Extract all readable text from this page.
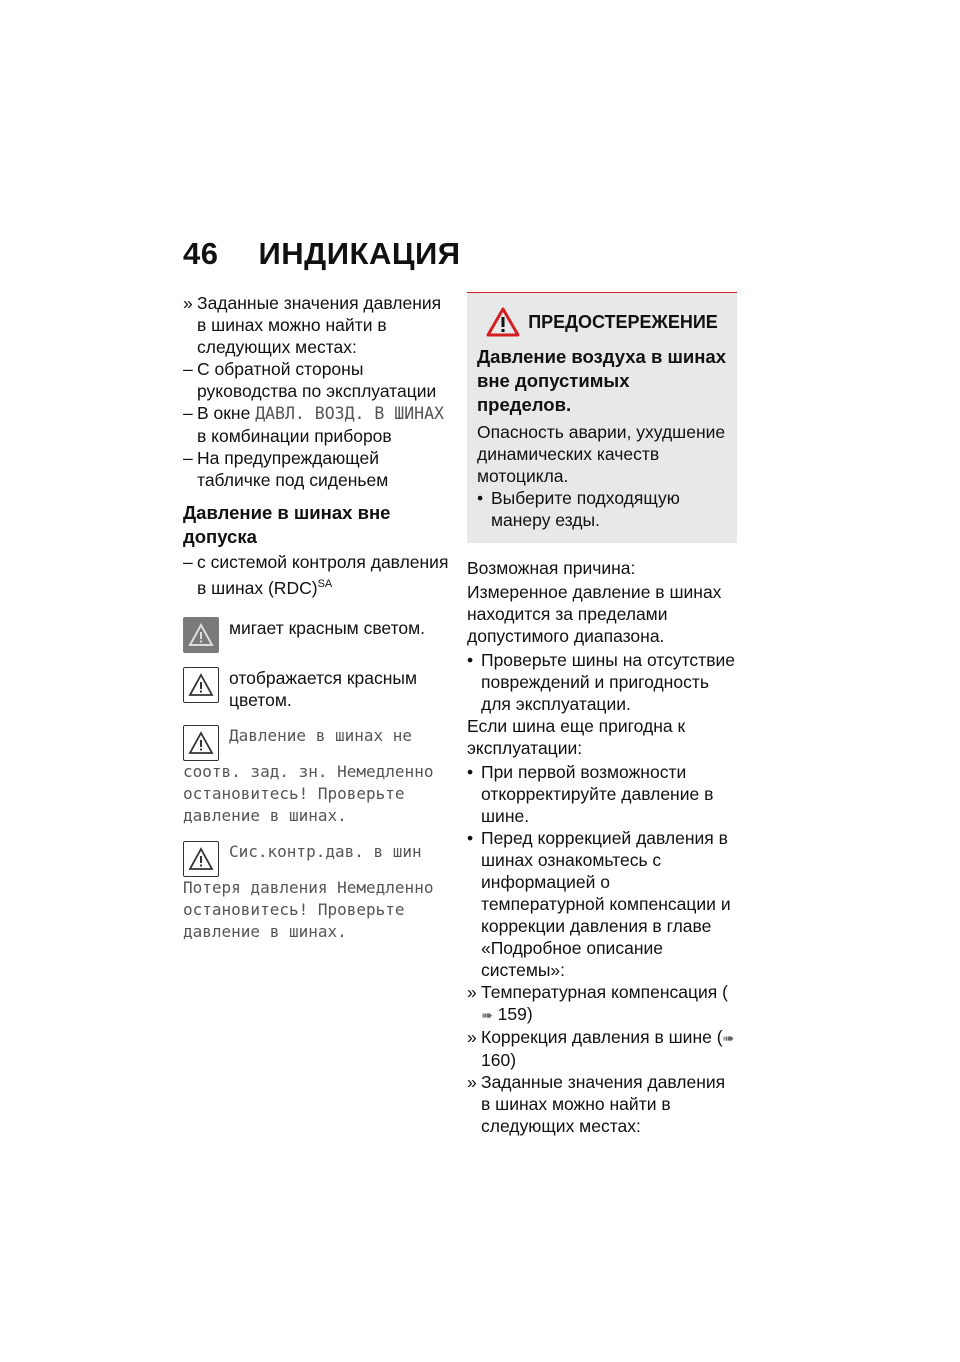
46 ИНДИКАЦИЯ
» Заданные значения давления в шинах можно найти в следующих местах:
– С обратной стороны руководства по эксплуатации
– В окне ДАВЛ. ВОЗД. В ШИНАХ в комбинации приборов
– На предупреждающей табличке под сиденьем
Давление в шинах вне допуска
– с системой контроля давления в шинах (RDC)$^{SA}$
мигает красным светом.
отображается красным цветом.
Давление в шинах не
соотв. зад. зн. Немедленно остановитесь! Проверьте давление в шинах.
Сис.контр.дав. в шин
Потеря давления Немедленно остановитесь! Проверьте давление в шинах.
ПРЕДОСТЕРЕЖЕНИЕ
Давление воздуха в шинах вне допустимых пределов.
Опасность аварии, ухудшение динамических качеств мотоцикла.
• Выберите подходящую манеру езды.
Возможная причина:
Измеренное давление в шинах находится за пределами допустимого диапазона.
• Проверьте шины на отсутствие повреждений и пригодность для эксплуатации.
Если шина еще пригодна к эксплуатации:
• При первой возможности откорректируйте давление в шине.
• Перед коррекцией давления в шинах ознакомьтесь с информацией о температурной компенсации и коррекции давления в главе «Подробное описание системы»:
» Температурная компенсация (➠ 159)
» Коррекция давления в шине (➠ 160)
» Заданные значения давления в шинах можно найти в следующих местах:
